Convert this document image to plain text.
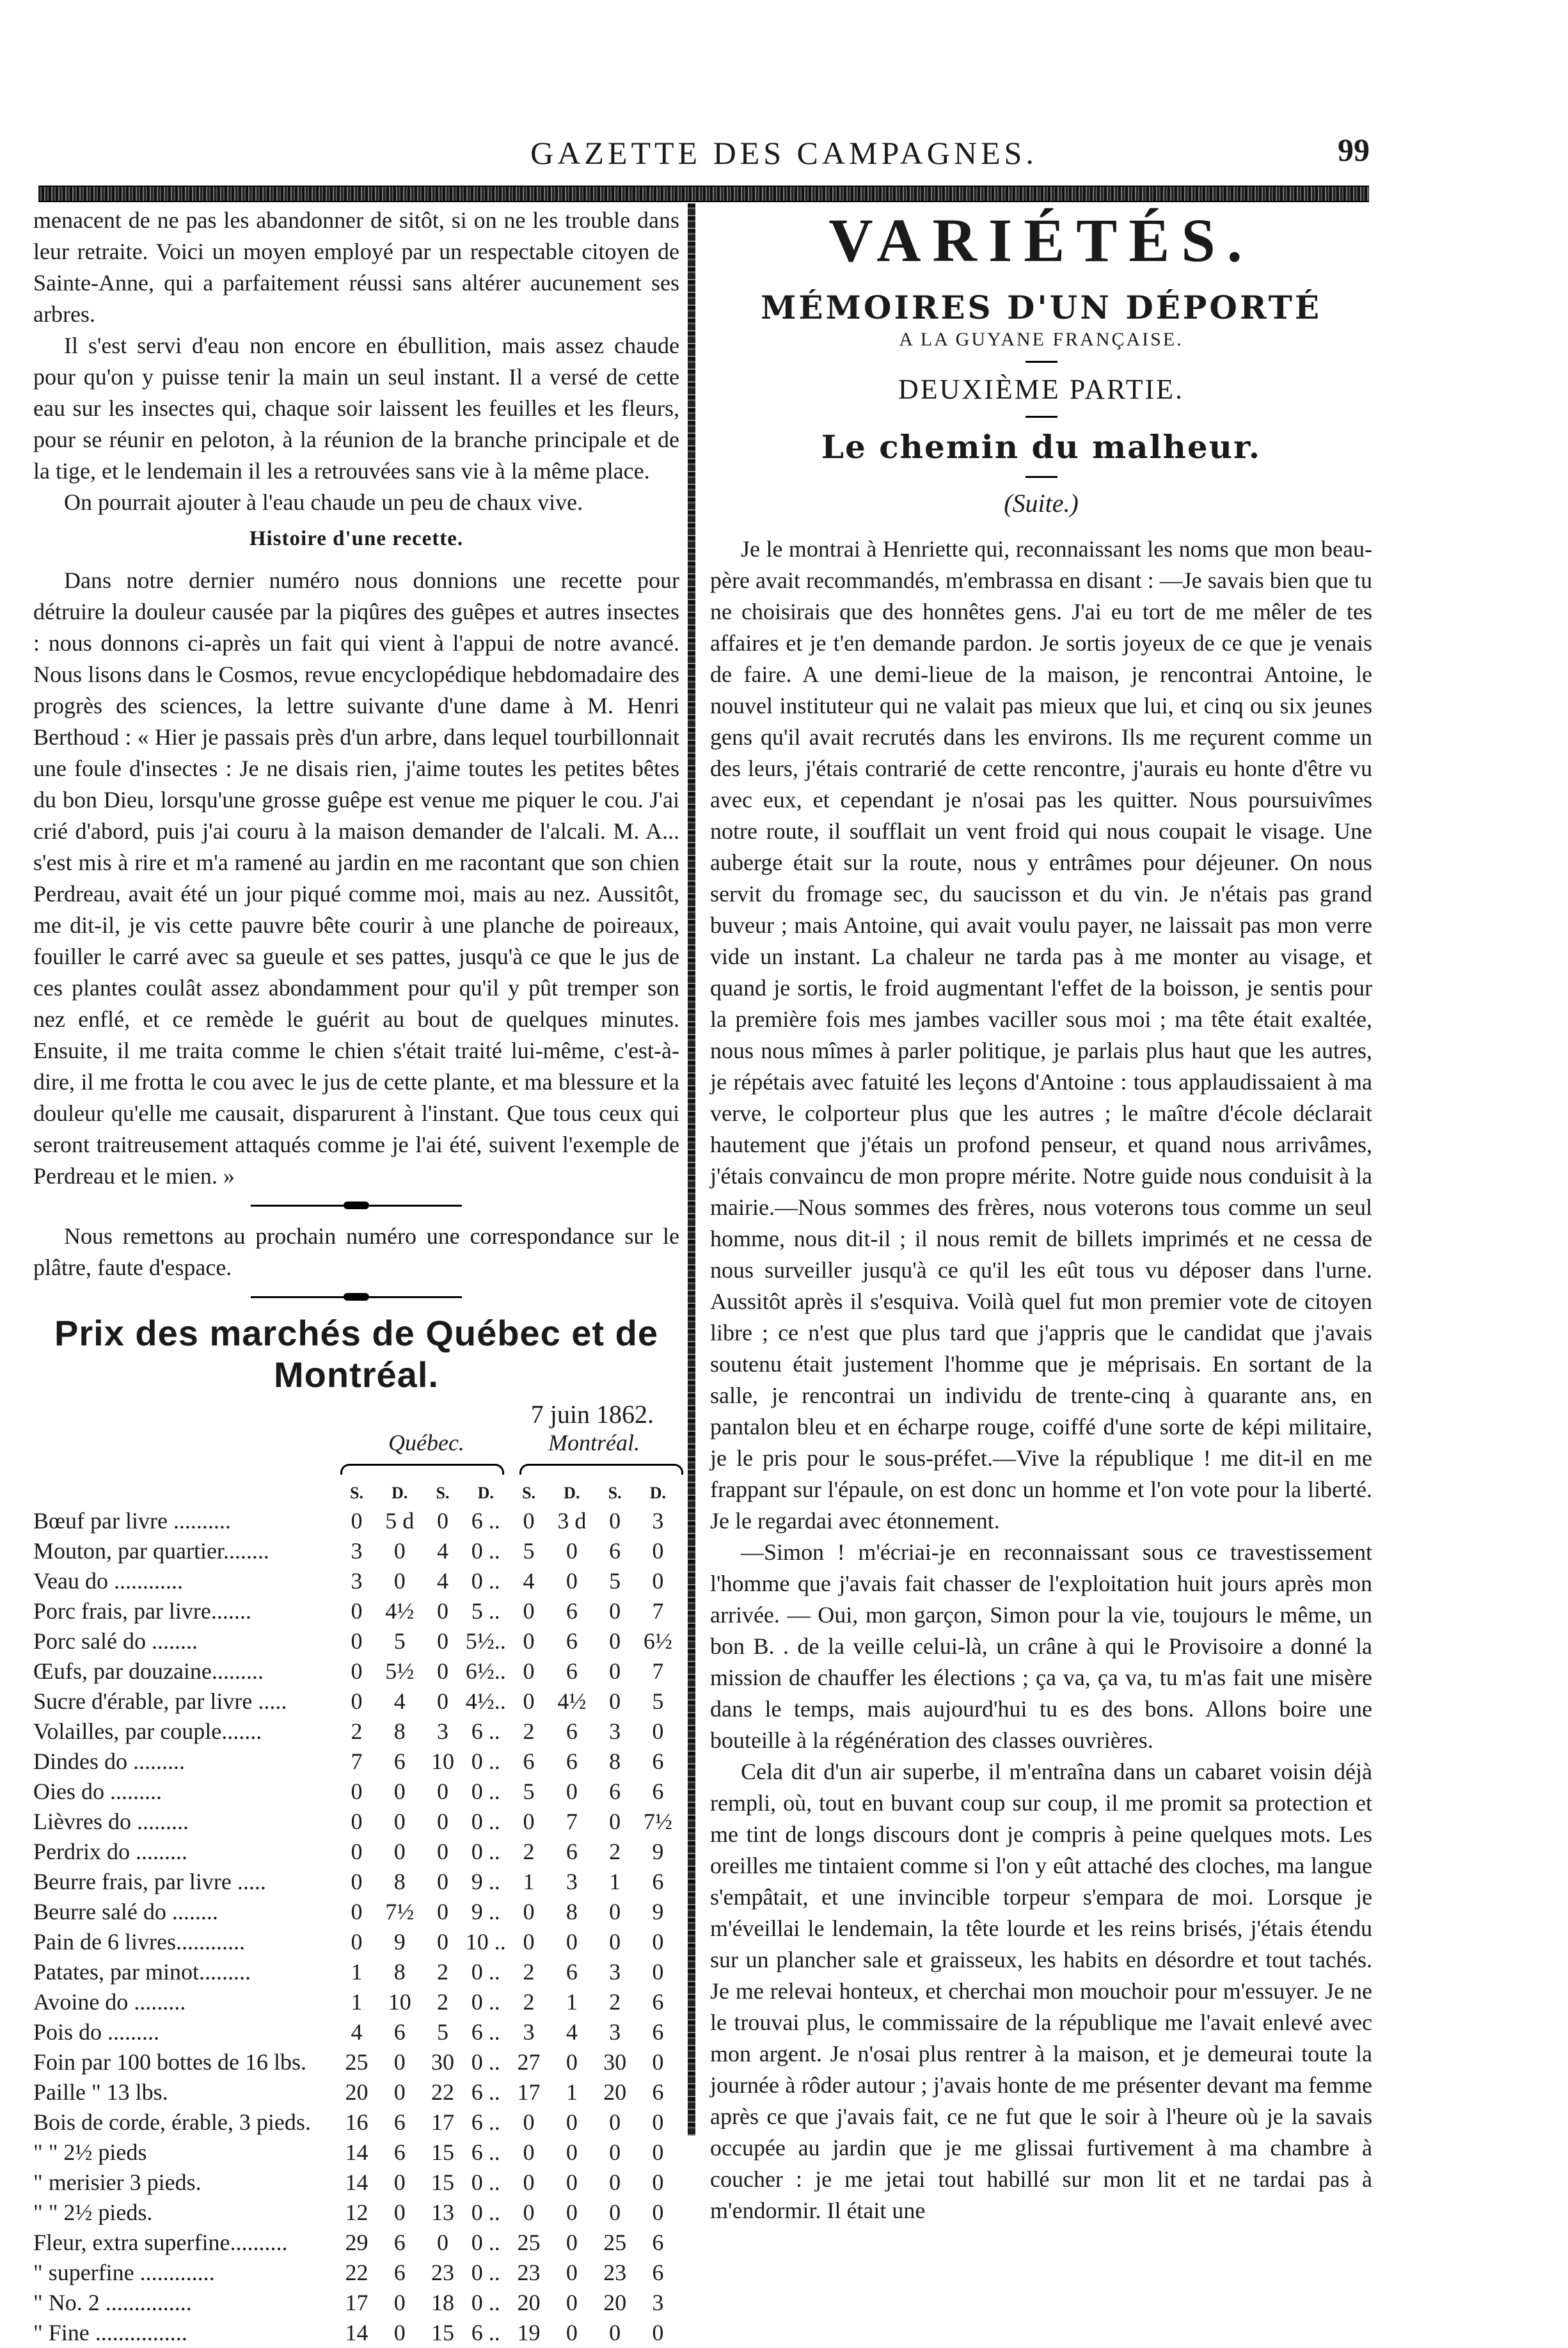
GAZETTE DES CAMPAGNES.	99

menacent de ne pas les abandonner de sitôt, si on ne les trouble dans leur retraite. Voici un moyen employé par un respectable citoyen de Sainte-Anne, qui a parfaitement réussi sans altérer aucunement ses arbres.

Il s'est servi d'eau non encore en ébullition, mais assez chaude pour qu'on y puisse tenir la main un seul instant. Il a versé de cette eau sur les insectes qui, chaque soir laissent les feuilles et les fleurs, pour se réunir en peloton, à la réunion de la branche principale et de la tige, et le lendemain il les a retrouvées sans vie à la même place.

On pourrait ajouter à l'eau chaude un peu de chaux vive.

Histoire d'une recette.

Dans notre dernier numéro nous donnions une recette pour détruire la douleur causée par la piqûres des guêpes et autres insectes : nous donnons ci-après un fait qui vient à l'appui de notre avancé. Nous lisons dans le Cosmos, revue encyclopédique hebdomadaire des progrès des sciences, la lettre suivante d'une dame à M. Henri Berthoud : « Hier je passais près d'un arbre, dans lequel tourbillonnait une foule d'insectes : Je ne disais rien, j'aime toutes les petites bêtes du bon Dieu, lorsqu'une grosse guêpe est venue me piquer le cou. J'ai crié d'abord, puis j'ai couru à la maison demander de l'alcali. M. A... s'est mis à rire et m'a ramené au jardin en me racontant que son chien Perdreau, avait été un jour piqué comme moi, mais au nez. Aussitôt, me dit-il, je vis cette pauvre bête courir à une planche de poireaux, fouiller le carré avec sa gueule et ses pattes, jusqu'à ce que le jus de ces plantes coulât assez abondamment pour qu'il y pût tremper son nez enflé, et ce remède le guérit au bout de quelques minutes. Ensuite, il me traita comme le chien s'était traité lui-même, c'est-à-dire, il me frotta le cou avec le jus de cette plante, et ma blessure et la douleur qu'elle me causait, disparurent à l'instant. Que tous ceux qui seront traitreusement attaqués comme je l'ai été, suivent l'exemple de Perdreau et le mien. »

Nous remettons au prochain numéro une correspondance sur le plâtre, faute d'espace.

Prix des marchés de Québec et de Montréal.

7 juin 1862.

Québec.	Montréal.
	S.	D.	S.	D.	S.	D.	S.	D.
Bœuf par livre ..........	0	5 d	0	6 ..	0	3 d	0	3
Mouton, par quartier........	3	0	4	0 ..	5	0	6	0
Veau do ............	3	0	4	0 ..	4	0	5	0
Porc frais, par livre.......	0	4½	0	5 ..	0	6	0	7
Porc salé do ........	0	5	0	5½..	0	6	0	6½
Œufs, par douzaine.........	0	5½	0	6½..	0	6	0	7
Sucre d'érable, par livre .....	0	4	0	4½..	0	4½	0	5
Volailles, par couple.......	2	8	3	6 ..	2	6	3	0
Dindes do .........	7	6	10	0 ..	6	6	8	6
Oies do .........	0	0	0	0 ..	5	0	6	6
Lièvres do .........	0	0	0	0 ..	0	7	0	7½
Perdrix do .........	0	0	0	0 ..	2	6	2	9
Beurre frais, par livre .....	0	8	0	9 ..	1	3	1	6
Beurre salé do ........	0	7½	0	9 ..	0	8	0	9
Pain de 6 livres............	0	9	0	10 ..	0	0	0	0
Patates, par minot.........	1	8	2	0 ..	2	6	3	0
Avoine do .........	1	10	2	0 ..	2	1	2	6
Pois do .........	4	6	5	6 ..	3	4	3	6
Foin par 100 bottes de 16 lbs.	25	0	30	0 ..	27	0	30	0
Paille " 13 lbs.	20	0	22	6 ..	17	1	20	6
Bois de corde, érable, 3 pieds.	16	6	17	6 ..	0	0	0	0
" " 2½ pieds	14	6	15	6 ..	0	0	0	0
" merisier 3 pieds.	14	0	15	0 ..	0	0	0	0
" " 2½ pieds.	12	0	13	0 ..	0	0	0	0
Fleur, extra superfine..........	29	6	0	0 ..	25	0	25	6
" superfine .............	22	6	23	0 ..	23	0	23	6
" No. 2 ...............	17	0	18	0 ..	20	0	20	3
" Fine ................	14	0	15	6 ..	19	0	0	0
VARIÉTÉS.
MÉMOIRES D'UN DÉPORTÉ
A LA GUYANE FRANÇAISE.
DEUXIÈME PARTIE.
Le chemin du malheur.
(Suite.)

Je le montrai à Henriette qui, reconnaissant les noms que mon beau-père avait recommandés, m'embrassa en disant : —Je savais bien que tu ne choisirais que des honnêtes gens. J'ai eu tort de me mêler de tes affaires et je t'en demande pardon. Je sortis joyeux de ce que je venais de faire. A une demi-lieue de la maison, je rencontrai Antoine, le nouvel instituteur qui ne valait pas mieux que lui, et cinq ou six jeunes gens qu'il avait recrutés dans les environs. Ils me reçurent comme un des leurs, j'étais contrarié de cette rencontre, j'aurais eu honte d'être vu avec eux, et cependant je n'osai pas les quitter. Nous poursuivîmes notre route, il soufflait un vent froid qui nous coupait le visage. Une auberge était sur la route, nous y entrâmes pour déjeuner. On nous servit du fromage sec, du saucisson et du vin. Je n'étais pas grand buveur ; mais Antoine, qui avait voulu payer, ne laissait pas mon verre vide un instant. La chaleur ne tarda pas à me monter au visage, et quand je sortis, le froid augmentant l'effet de la boisson, je sentis pour la première fois mes jambes vaciller sous moi ; ma tête était exaltée, nous nous mîmes à parler politique, je parlais plus haut que les autres, je répétais avec fatuité les leçons d'Antoine : tous applaudissaient à ma verve, le colporteur plus que les autres ; le maître d'école déclarait hautement que j'étais un profond penseur, et quand nous arrivâmes, j'étais convaincu de mon propre mérite. Notre guide nous conduisit à la mairie.—Nous sommes des frères, nous voterons tous comme un seul homme, nous dit-il ; il nous remit de billets imprimés et ne cessa de nous surveiller jusqu'à ce qu'il les eût tous vu déposer dans l'urne. Aussitôt après il s'esquiva. Voilà quel fut mon premier vote de citoyen libre ; ce n'est que plus tard que j'appris que le candidat que j'avais soutenu était justement l'homme que je méprisais. En sortant de la salle, je rencontrai un individu de trente-cinq à quarante ans, en pantalon bleu et en écharpe rouge, coiffé d'une sorte de képi militaire, je le pris pour le sous-préfet.—Vive la république ! me dit-il en me frappant sur l'épaule, on est donc un homme et l'on vote pour la liberté. Je le regardai avec étonnement.

—Simon ! m'écriai-je en reconnaissant sous ce travestissement l'homme que j'avais fait chasser de l'exploitation huit jours après mon arrivée. — Oui, mon garçon, Simon pour la vie, toujours le même, un bon B. . de la veille celui-là, un crâne à qui le Provisoire a donné la mission de chauffer les élections ; ça va, ça va, tu m'as fait une misère dans le temps, mais aujourd'hui tu es des bons. Allons boire une bouteille à la régénération des classes ouvrières.

Cela dit d'un air superbe, il m'entraîna dans un cabaret voisin déjà rempli, où, tout en buvant coup sur coup, il me promit sa protection et me tint de longs discours dont je compris à peine quelques mots. Les oreilles me tintaient comme si l'on y eût attaché des cloches, ma langue s'empâtait, et une invincible torpeur s'empara de moi. Lorsque je m'éveillai le lendemain, la tête lourde et les reins brisés, j'étais étendu sur un plancher sale et graisseux, les habits en désordre et tout tachés. Je me relevai honteux, et cherchai mon mouchoir pour m'essuyer. Je ne le trouvai plus, le commissaire de la république me l'avait enlevé avec mon argent. Je n'osai plus rentrer à la maison, et je demeurai toute la journée à rôder autour ; j'avais honte de me présenter devant ma femme après ce que j'avais fait, ce ne fut que le soir à l'heure où je la savais occupée au jardin que je me glissai furtivement à ma chambre à coucher : je me jetai tout habillé sur mon lit et ne tardai pas à m'endormir. Il était une
